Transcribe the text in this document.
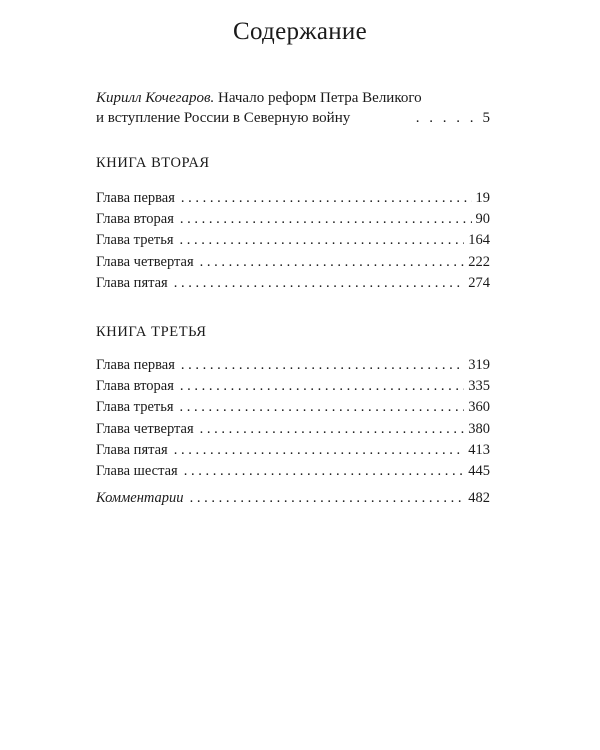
Содержание
Кирилл Кочегаров. Начало реформ Петра Великого
и вступление России в Северную войну	. . . . . 5
КНИГА ВТОРАЯ
Глава первая . . .	19
Глава вторая . . .	90
Глава третья . . .	164
Глава четвертая . . .	222
Глава пятая . . .	274
КНИГА ТРЕТЬЯ
Глава первая . . .	319
Глава вторая . . .	335
Глава третья . . .	360
Глава четвертая . . .	380
Глава пятая . . .	413
Глава шестая . . .	445
Комментарии . . .	482
